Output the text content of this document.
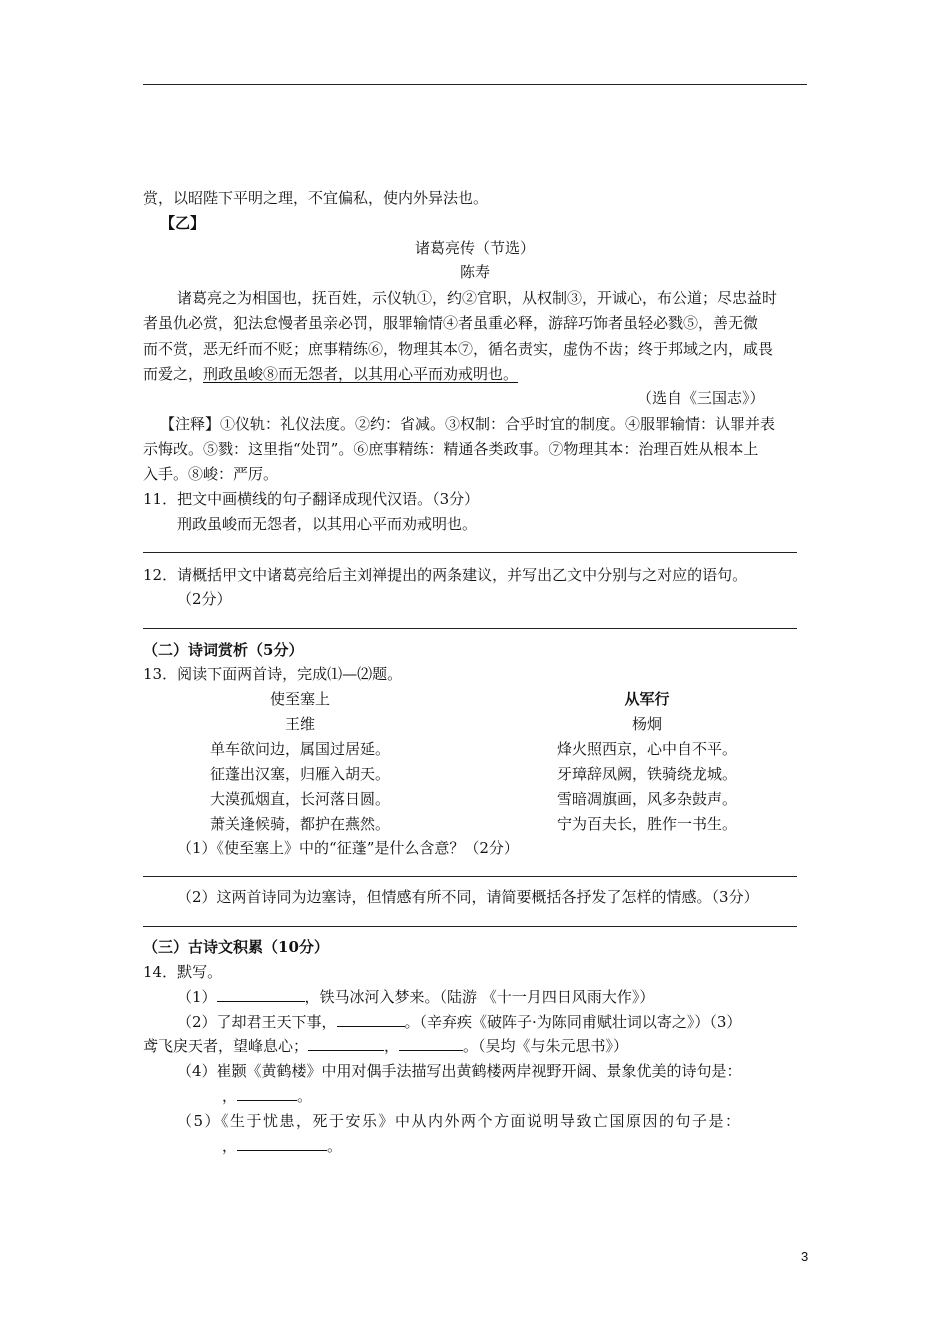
赏，以昭陛下平明之理，不宜偏私，使内外异法也。
【乙】
诸葛亮传（节选）
陈寿
诸葛亮之为相国也，抚百姓，示仪轨①，约②官职，从权制③，开诚心，布公道；尽忠益时
者虽仇必赏，犯法怠慢者虽亲必罚，服罪输情④者虽重必释，游辞巧饰者虽轻必戮⑤，善无微
而不赏，恶无纤而不贬；庶事精练⑥，物理其本⑦，循名责实，虚伪不齿；终于邦域之内，咸畏
而爱之，刑政虽峻⑧而无怨者，以其用心平而劝戒明也。
（选自《三国志》）
【注释】①仪轨：礼仪法度。②约：省减。③权制：合乎时宜的制度。④服罪输情：认罪并表
示悔改。⑤戮：这里指“处罚”。⑥庶事精练：精通各类政事。⑦物理其本：治理百姓从根本上
入手。⑧峻：严厉。
11．把文中画横线的句子翻译成现代汉语。（3分）
刑政虽峻而无怨者，以其用心平而劝戒明也。
12．请概括甲文中诸葛亮给后主刘禅提出的两条建议，并写出乙文中分别与之对应的语句。
（2分）
（二）诗词赏析（5分）
13．阅读下面两首诗，完成⑴—⑵题。
使至塞上
王维
单车欲问边，属国过居延。
征蓬出汉塞，归雁入胡天。
大漠孤烟直，长河落日圆。
萧关逢候骑，都护在燕然。
从军行
杨炯
烽火照西京，心中自不平。
牙璋辞凤阙，铁骑绕龙城。
雪暗凋旗画，风多杂鼓声。
宁为百夫长，胜作一书生。
（1）《使至塞上》中的“征蓬”是什么含意？（2分）
（2）这两首诗同为边塞诗，但情感有所不同，请简要概括各抒发了怎样的情感。（3分）
（三）古诗文积累（10分）
14．默写。
（1）	，铁马冰河入梦来。（陆游 《十一月四日风雨大作》）
（2）了却君王天下事，	。（辛弃疾《破阵子·为陈同甫赋壮词以寄之》）（3）
鸢飞戾天者，望峰息心；	，	。（吴均《与朱元思书》）
（4）崔颢《黄鹤楼》中用对偶手法描写出黄鹤楼两岸视野开阔、景象优美的诗句是：
，	。
（5）《生于忧患，死于安乐》中从内外两个方面说明导致亡国原因的句子是：
，	。
3
